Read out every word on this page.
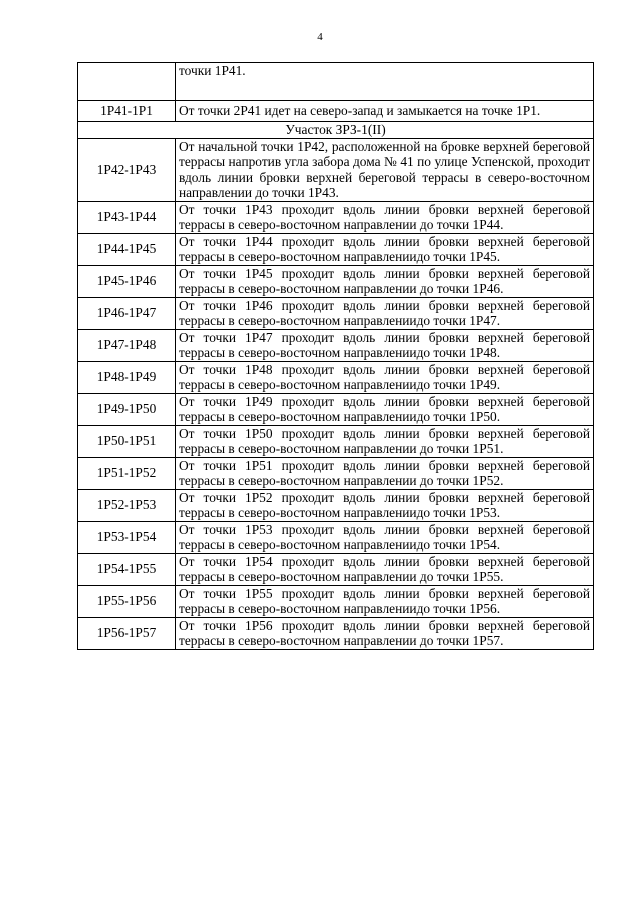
4
	точки 1Р41.
1Р41-1Р1	От точки 2Р41 идет на северо-запад и замыкается на точке 1Р1.
Участок ЗРЗ-1(II)	
1Р42-1Р43	От начальной точки 1Р42, расположенной на бровке верхней береговой террасы напротив угла забора дома № 41 по улице Успенской, проходит вдоль линии бровки верхней береговой террасы в северо-восточном направлении до точки 1Р43.
1Р43-1Р44	От точки 1Р43 проходит вдоль линии бровки верхней береговой террасы в северо-восточном направлении до точки 1Р44.
1Р44-1Р45	От точки 1Р44 проходит вдоль линии бровки верхней береговой террасы в северо-восточном направлениидо точки 1Р45.
1Р45-1Р46	От точки 1Р45 проходит вдоль линии бровки верхней береговой террасы в северо-восточном направлении до точки 1Р46.
1Р46-1Р47	От точки 1Р46 проходит вдоль линии бровки верхней береговой террасы в северо-восточном направлениидо точки 1Р47.
1Р47-1Р48	От точки 1Р47 проходит вдоль линии бровки верхней береговой террасы в северо-восточном направлениидо точки 1Р48.
1Р48-1Р49	От точки 1Р48 проходит вдоль линии бровки верхней береговой террасы в северо-восточном направлениидо точки 1Р49.
1Р49-1Р50	От точки 1Р49 проходит вдоль линии бровки верхней береговой террасы в северо-восточном направлениидо точки 1Р50.
1Р50-1Р51	От точки 1Р50 проходит вдоль линии бровки верхней береговой террасы в северо-восточном направлении до точки 1Р51.
1Р51-1Р52	От точки 1Р51 проходит вдоль линии бровки верхней береговой террасы в северо-восточном направлении до точки 1Р52.
1Р52-1Р53	От точки 1Р52 проходит вдоль линии бровки верхней береговой террасы в северо-восточном направлениидо точки 1Р53.
1Р53-1Р54	От точки 1Р53 проходит вдоль линии бровки верхней береговой террасы в северо-восточном направлениидо точки 1Р54.
1Р54-1Р55	От точки 1Р54 проходит вдоль линии бровки верхней береговой террасы в северо-восточном направлении до точки 1Р55.
1Р55-1Р56	От точки 1Р55 проходит вдоль линии бровки верхней береговой террасы в северо-восточном направлениидо точки 1Р56.
1Р56-1Р57	От точки 1Р56 проходит вдоль линии бровки верхней береговой террасы в северо-восточном направлении до точки 1Р57.
